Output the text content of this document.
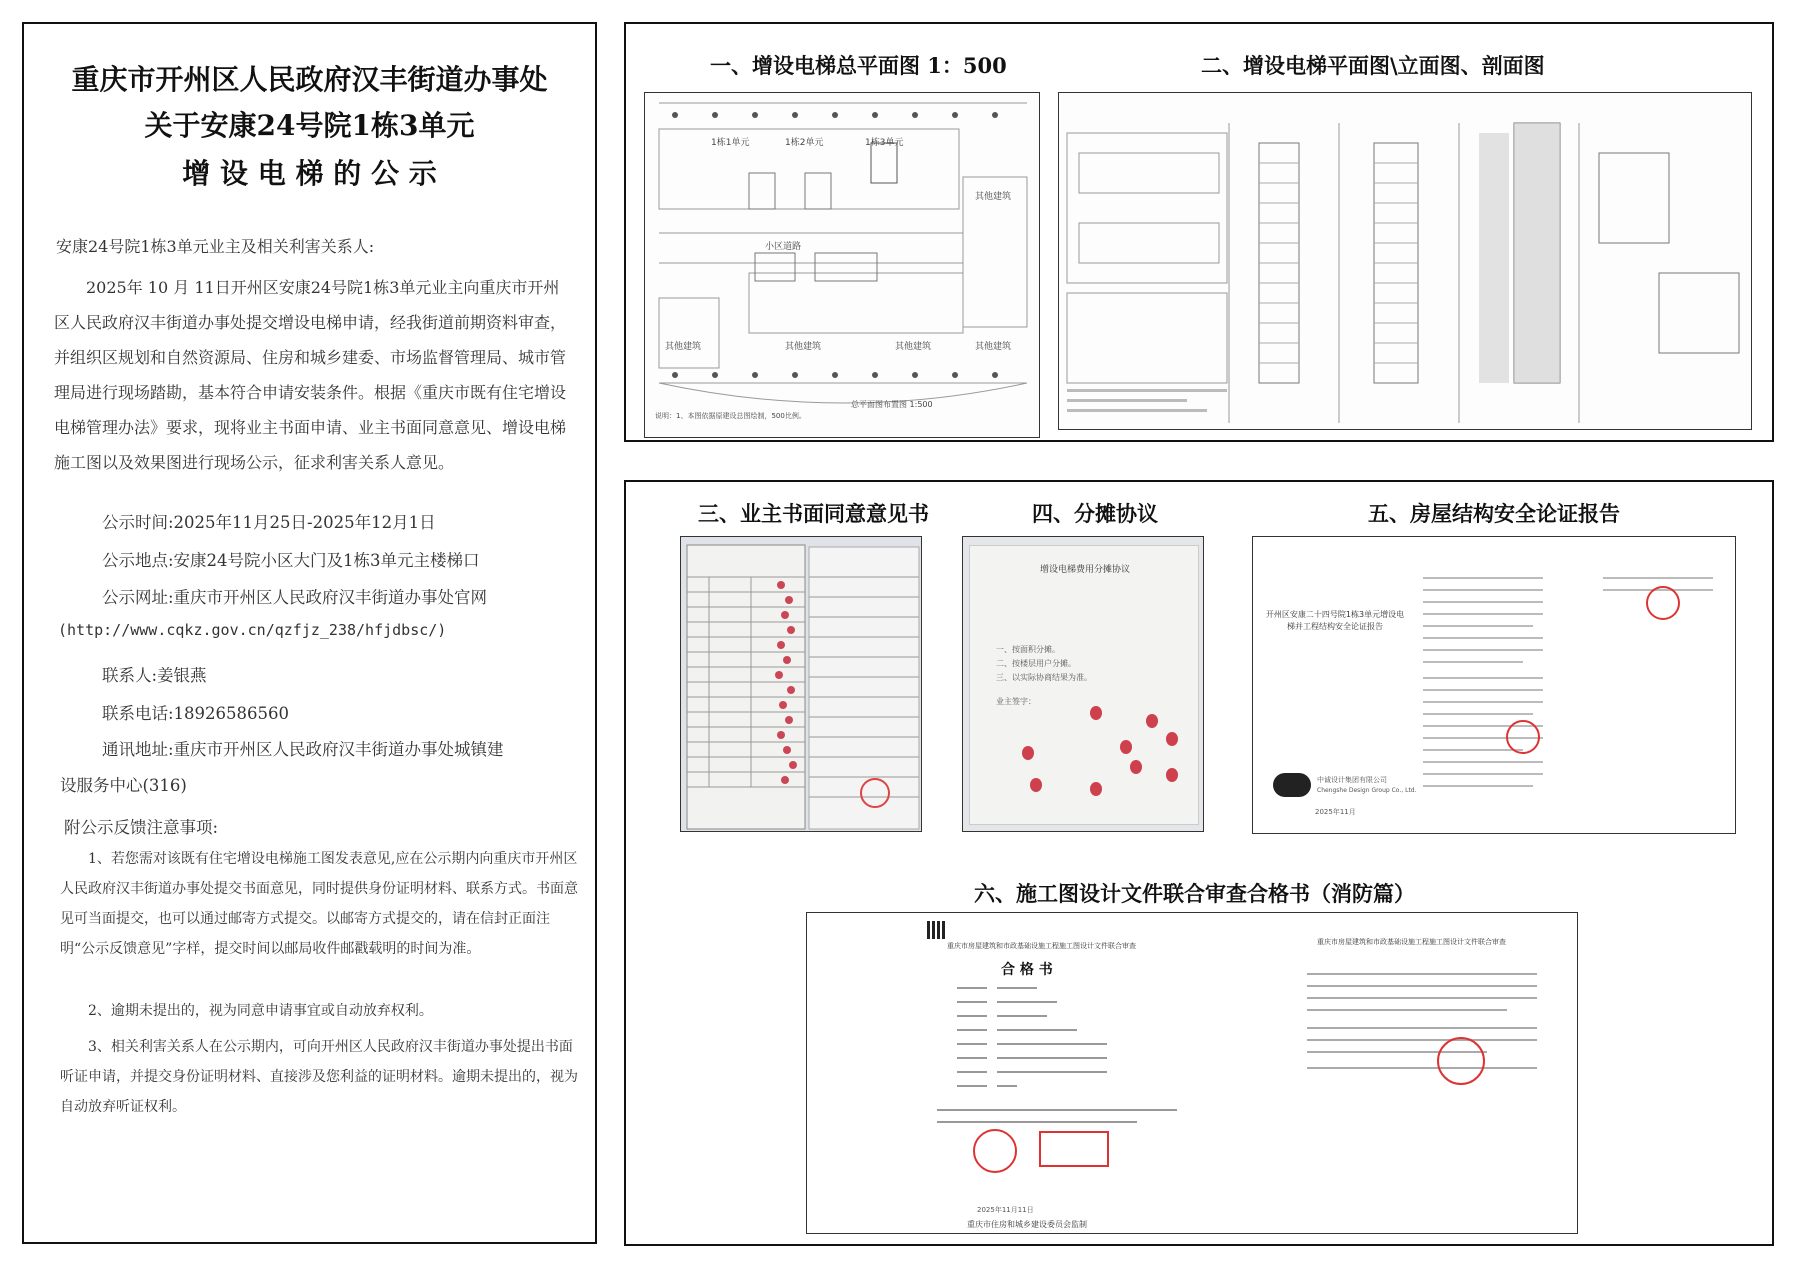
重庆市开州区人民政府汉丰街道办事处
关于安康24号院1栋3单元
增 设 电 梯 的 公 示
安康24号院1栋3单元业主及相关利害关系人:
2025年 10 月 11日开州区安康24号院1栋3单元业主向重庆市开州区人民政府汉丰街道办事处提交增设电梯申请，经我街道前期资料审查，并组织区规划和自然资源局、住房和城乡建委、市场监督管理局、城市管理局进行现场踏勘，基本符合申请安装条件。根据《重庆市既有住宅增设电梯管理办法》要求，现将业主书面申请、业主书面同意意见、增设电梯施工图以及效果图进行现场公示，征求利害关系人意见。
公示时间:2025年11月25日-2025年12月1日
公示地点:安康24号院小区大门及1栋3单元主楼梯口
公示网址:重庆市开州区人民政府汉丰街道办事处官网
(http://www.cqkz.gov.cn/qzfjz_238/hfjdbsc/)
联系人:姜银燕
联系电话:18926586560
通讯地址:重庆市开州区人民政府汉丰街道办事处城镇建
设服务中心(316)
附公示反馈注意事项:
1、若您需对该既有住宅增设电梯施工图发表意见,应在公示期内向重庆市开州区人民政府汉丰街道办事处提交书面意见，同时提供身份证明材料、联系方式。书面意见可当面提交，也可以通过邮寄方式提交。以邮寄方式提交的，请在信封正面注明“公示反馈意见”字样，提交时间以邮局收件邮戳载明的时间为准。
2、逾期未提出的，视为同意申请事宜或自动放弃权利。
3、相关利害关系人在公示期内，可向开州区人民政府汉丰街道办事处提出书面听证申请，并提交身份证明材料、直接涉及您利益的证明材料。逾期未提出的，视为自动放弃听证权利。
一、增设电梯总平面图 1：500	二、增设电梯平面图\立面图、剖面图
1栋1单元	1栋2单元	1栋3单元
小区道路
其他建筑
其他建筑	其他建筑	其他建筑	其他建筑
说明：1、本图依据原建设总图绘制，500比例。
总平面图布置图 1:500
三、业主书面同意意见书	四、分摊协议	五、房屋结构安全论证报告
六、施工图设计文件联合审查合格书（消防篇）
增设电梯费用分摊协议
一、按面积分摊。
二、按楼层用户分摊。
三、以实际协商结果为准。
业主签字：
开州区安康二十四号院1栋3单元增设电梯并工程结构安全论证报告
中诚设计集团有限公司
Chengshe Design Group Co., Ltd.
2025年11月
重庆市房屋建筑和市政基础设施工程施工图设计文件联合审查
合 格 书
2025年11月11日
重庆市住房和城乡建设委员会监制
重庆市房屋建筑和市政基础设施工程施工图设计文件联合审查
